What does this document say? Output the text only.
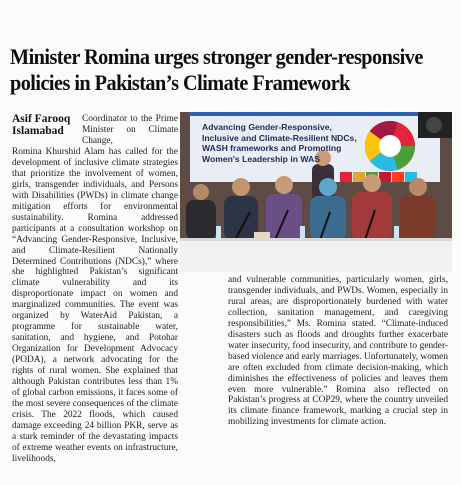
Minister Romina urges stronger gender-responsive
policies in Pakistan’s Climate Framework
Asif Farooq
Islamabad
Coordinator to the Prime Minister on Climate Change,
Romina Khurshid Alam has called for the development of inclusive climate strategies that prioritize the involvement of women, girls, transgender individuals, and Persons with Disabilities (PWDs) in climate change mitigation efforts for environmental sustainability. Romina addressed participants at a consultation workshop on “Advancing Gender-Responsive, Inclusive, and Climate-Resilient Nationally Determined Contributions (NDCs),” where she highlighted Pakistan’s significant climate vulnerability and its disproportionate impact on women and marginalized communities. The event was organized by WaterAid Pakistan, a programme for sustainable water, sanitation, and hygiene, and Potohar Organization for Development Advocacy (PODA), a network advocating for the rights of rural women. She explained that although Pakistan contributes less than 1% of global carbon emissions, it faces some of the most severe consequences of the climate crisis. The 2022 floods, which caused damage exceeding 24 billion PKR, serve as a stark reminder of the devastating impacts of extreme weather events on infrastructure, livelihoods,
Advancing Gender-Responsive,
Inclusive and Climate-Resilient NDCs,
WASH frameworks and Promoting
Women's Leadership in WAS
and vulnerable communities, particularly women, girls, transgender individuals, and PWDs. Women, especially in rural areas, are disproportionately burdened with water collection, sanitation management, and caregiving responsibilities,” Ms. Romina stated. “Climate-induced disasters such as floods and droughts further exacerbate water insecurity, food insecurity, and contribute to gender-based violence and early marriages. Unfortunately, women are often excluded from climate decision-making, which diminishes the effectiveness of policies and leaves them even more vulnerable.” Romina also reflected on Pakistan’s progress at COP29, where the country unveiled its climate finance framework, marking a crucial step in mobilizing investments for climate action.
